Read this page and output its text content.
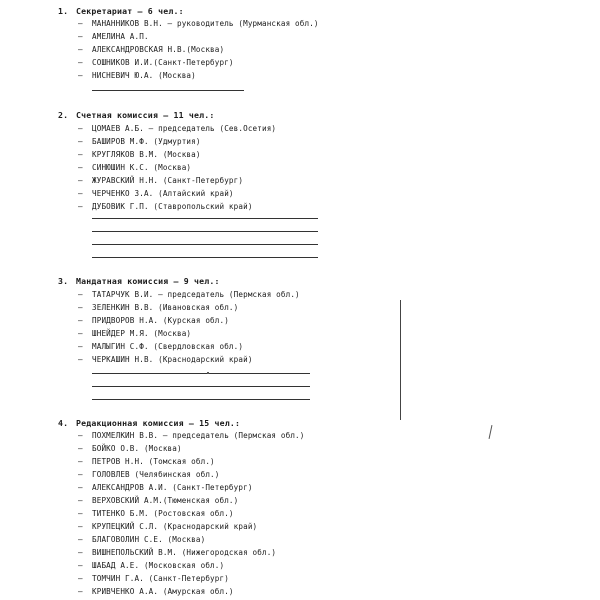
1. Секретариат – 6 чел.:
– МАНАННИКОВ В.Н. – руководитель (Мурманская обл.)
– АМЕЛИНА А.П.
– АЛЕКСАНДРОВСКАЯ Н.В.(Москва)
– СОШНИКОВ И.И.(Санкт-Петербург)
– НИСНЕВИЧ Ю.А. (Москва)
2. Счетная комиссия – 11 чел.:
– ЦОМАЕВ А.Б. – председатель (Сев.Осетия)
– БАШИРОВ М.Ф. (Удмуртия)
– КРУГЛЯКОВ В.М. (Москва)
– СИНЮШИН К.С. (Москва)
– ЖУРАВСКИЙ Н.Н. (Санкт-Петербург)
– ЧЕРЧЕНКО З.А. (Алтайский край)
– ДУБОВИК Г.П. (Ставропольский край)
3. Мандатная комиссия – 9 чел.:
– ТАТАРЧУК В.И. – председатель (Пермская обл.)
– ЗЕЛЕНКИН В.В. (Ивановская обл.)
– ПРИДВОРОВ Н.А. (Курская обл.)
– ШНЕЙДЕР М.Я. (Москва)
– МАЛЫГИН С.Ф. (Свердловская обл.)
– ЧЕРКАШИН Н.В. (Краснодарский край)
4. Редакционная комиссия – 15 чел.:
– ПОХМЕЛКИН В.В. – председатель (Пермская обл.)
– БОЙКО О.В. (Москва)
– ПЕТРОВ Н.Н. (Томская обл.)
– ГОЛОВЛЕВ (Челябинская обл.)
– АЛЕКСАНДРОВ А.И. (Санкт-Петербург)
– ВЕРХОВСКИЙ А.М.(Тюменская обл.)
– ТИТЕНКО Б.М. (Ростовская обл.)
– КРУПЕЦКИЙ С.Л. (Краснодарский край)
– БЛАГОВОЛИН С.Е. (Москва)
– ВИШНЕПОЛЬСКИЙ В.М. (Нижегородская обл.)
– ШАБАД А.Е. (Московская обл.)
– ТОМЧИН Г.А. (Санкт-Петербург)
– КРИВЧЕНКО А.А. (Амурская обл.)
